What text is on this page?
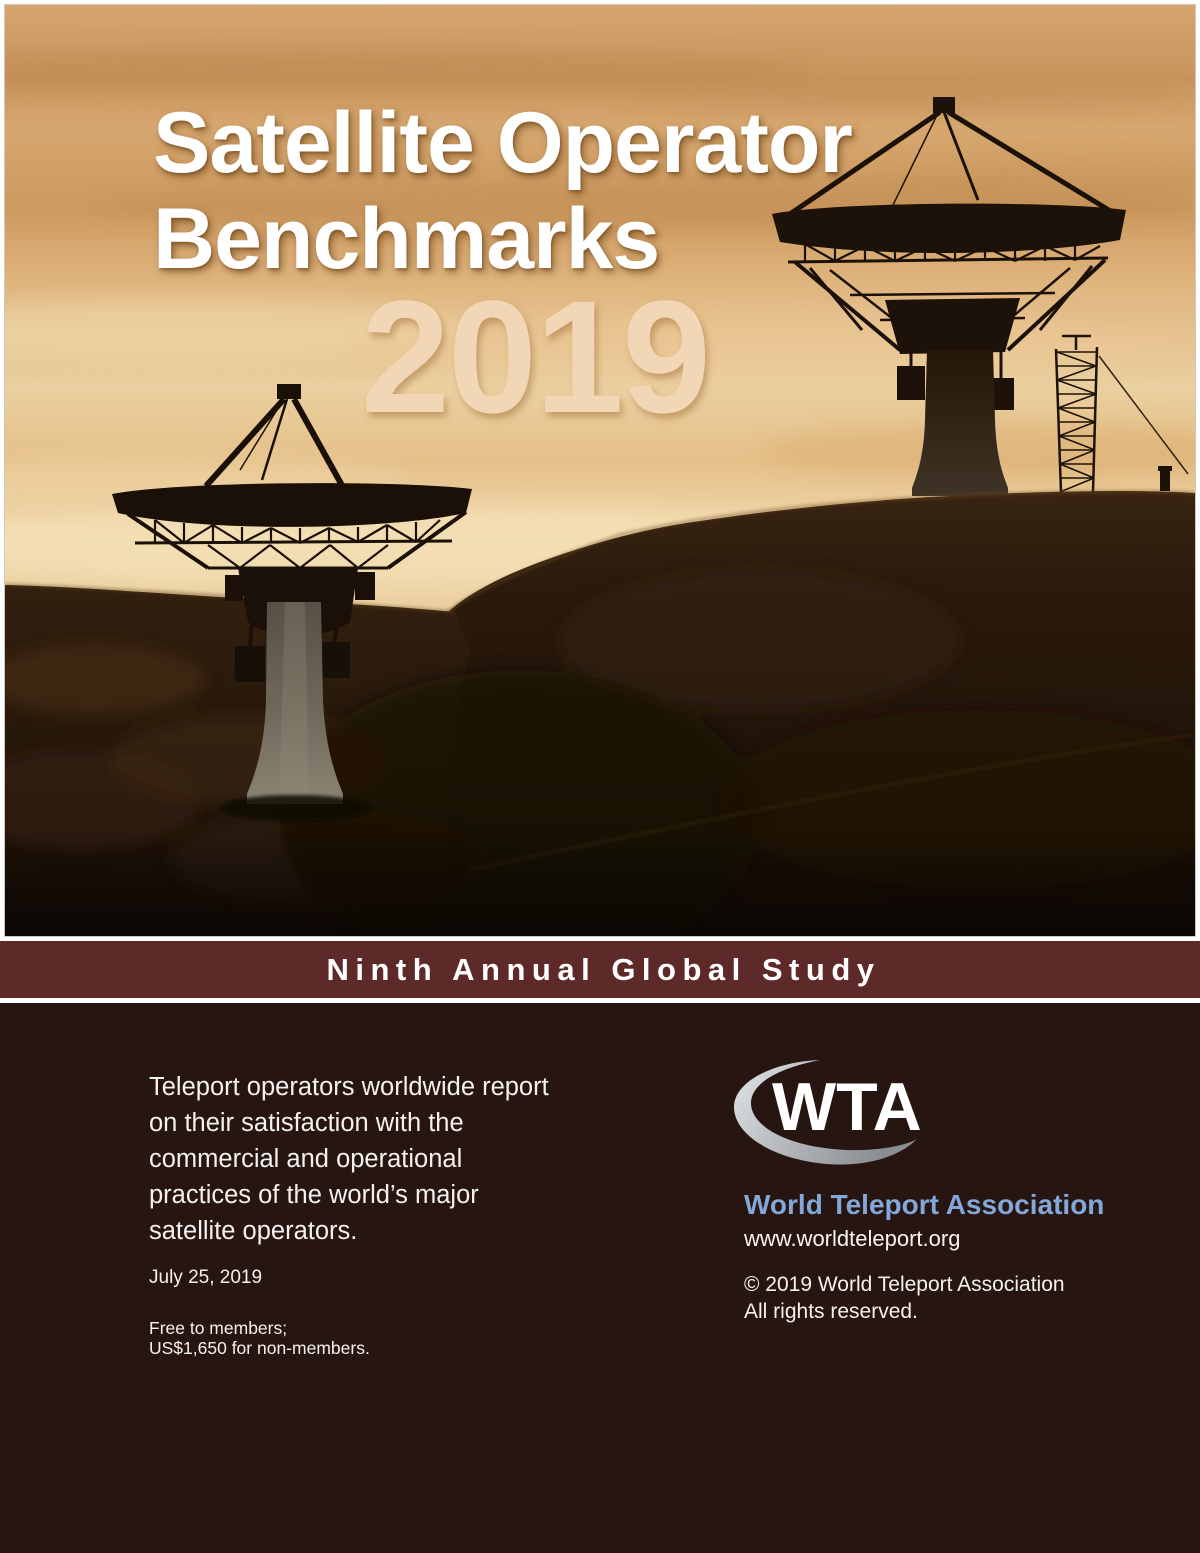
Satellite Operator
Benchmarks
2019
Ninth Annual Global Study
Teleport operators worldwide report
on their satisfaction with the
commercial and operational
practices of the world’s major
satellite operators.
July 25, 2019
Free to members;
US$1,650 for non-members.
WTA
World Teleport Association
www.worldteleport.org
© 2019 World Teleport Association
All rights reserved.
